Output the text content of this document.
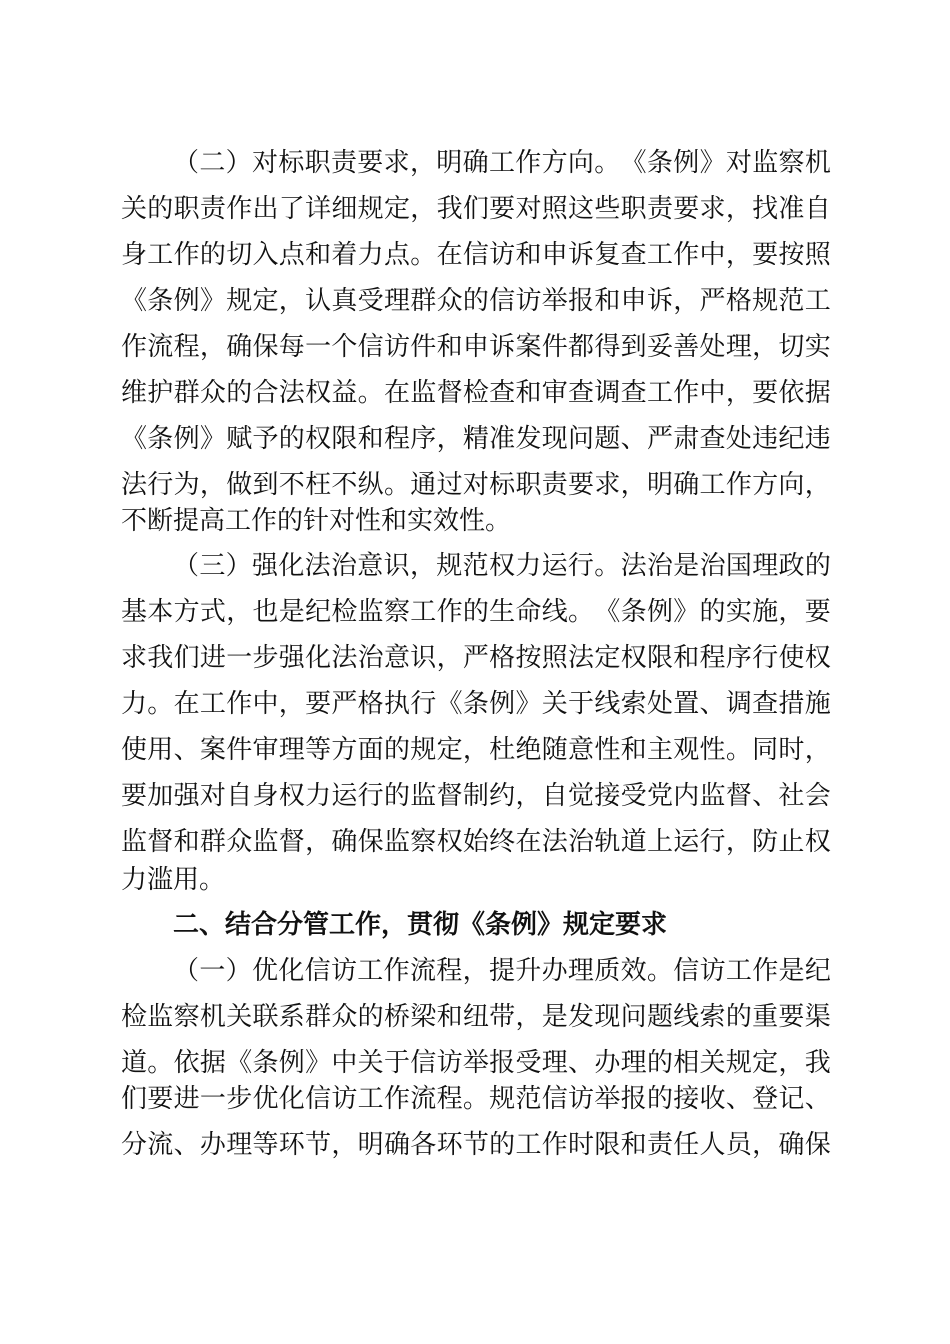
（ 二 ） 对 标 职 责 要 求 ， 明 确 工 作 方 向 。 《 条 例 》 对 监 察 机
关 的 职 责 作 出 了 详 细 规 定 ， 我 们 要 对 照 这 些 职 责 要 求 ， 找 准 自
身 工 作 的 切 入 点 和 着 力 点 。 在 信 访 和 申 诉 复 查 工 作 中 ， 要 按 照
《 条 例 》 规 定 ， 认 真 受 理 群 众 的 信 访 举 报 和 申 诉 ， 严 格 规 范 工
作 流 程 ， 确 保 每 一 个 信 访 件 和 申 诉 案 件 都 得 到 妥 善 处 理 ， 切 实
维 护 群 众 的 合 法 权 益 。 在 监 督 检 查 和 审 查 调 查 工 作 中 ， 要 依 据
《 条 例 》 赋 予 的 权 限 和 程 序 ， 精 准 发 现 问 题 、 严 肃 查 处 违 纪 违
法 行 为 ， 做 到 不 枉 不 纵 。 通 过 对 标 职 责 要 求 ， 明 确 工 作 方 向 ，
不断提高工作的针对性和实效性。
（ 三 ） 强 化 法 治 意 识 ， 规 范 权 力 运 行 。 法 治 是 治 国 理 政 的
基 本 方 式 ， 也 是 纪 检 监 察 工 作 的 生 命 线 。 《 条 例 》 的 实 施 ， 要
求 我 们 进 一 步 强 化 法 治 意 识 ， 严 格 按 照 法 定 权 限 和 程 序 行 使 权
力 。 在 工 作 中 ， 要 严 格 执 行 《 条 例 》 关 于 线 索 处 置 、 调 查 措 施
使 用 、 案 件 审 理 等 方 面 的 规 定 ， 杜 绝 随 意 性 和 主 观 性 。 同 时 ，
要 加 强 对 自 身 权 力 运 行 的 监 督 制 约 ， 自 觉 接 受 党 内 监 督 、 社 会
监 督 和 群 众 监 督 ， 确 保 监 察 权 始 终 在 法 治 轨 道 上 运 行 ， 防 止 权
力滥用。
二、结合分管工作，贯彻《条例》规定要求
（ 一 ） 优 化 信 访 工 作 流 程 ， 提 升 办 理 质 效 。 信 访 工 作 是 纪
检 监 察 机 关 联 系 群 众 的 桥 梁 和 纽 带 ， 是 发 现 问 题 线 索 的 重 要 渠
道 。 依 据 《 条 例 》 中 关 于 信 访 举 报 受 理 、 办 理 的 相 关 规 定 ， 我
们 要 进 一 步 优 化 信 访 工 作 流 程 。 规 范 信 访 举 报 的 接 收 、 登 记 、
分 流 、 办 理 等 环 节 ， 明 确 各 环 节 的 工 作 时 限 和 责 任 人 员 ， 确 保
